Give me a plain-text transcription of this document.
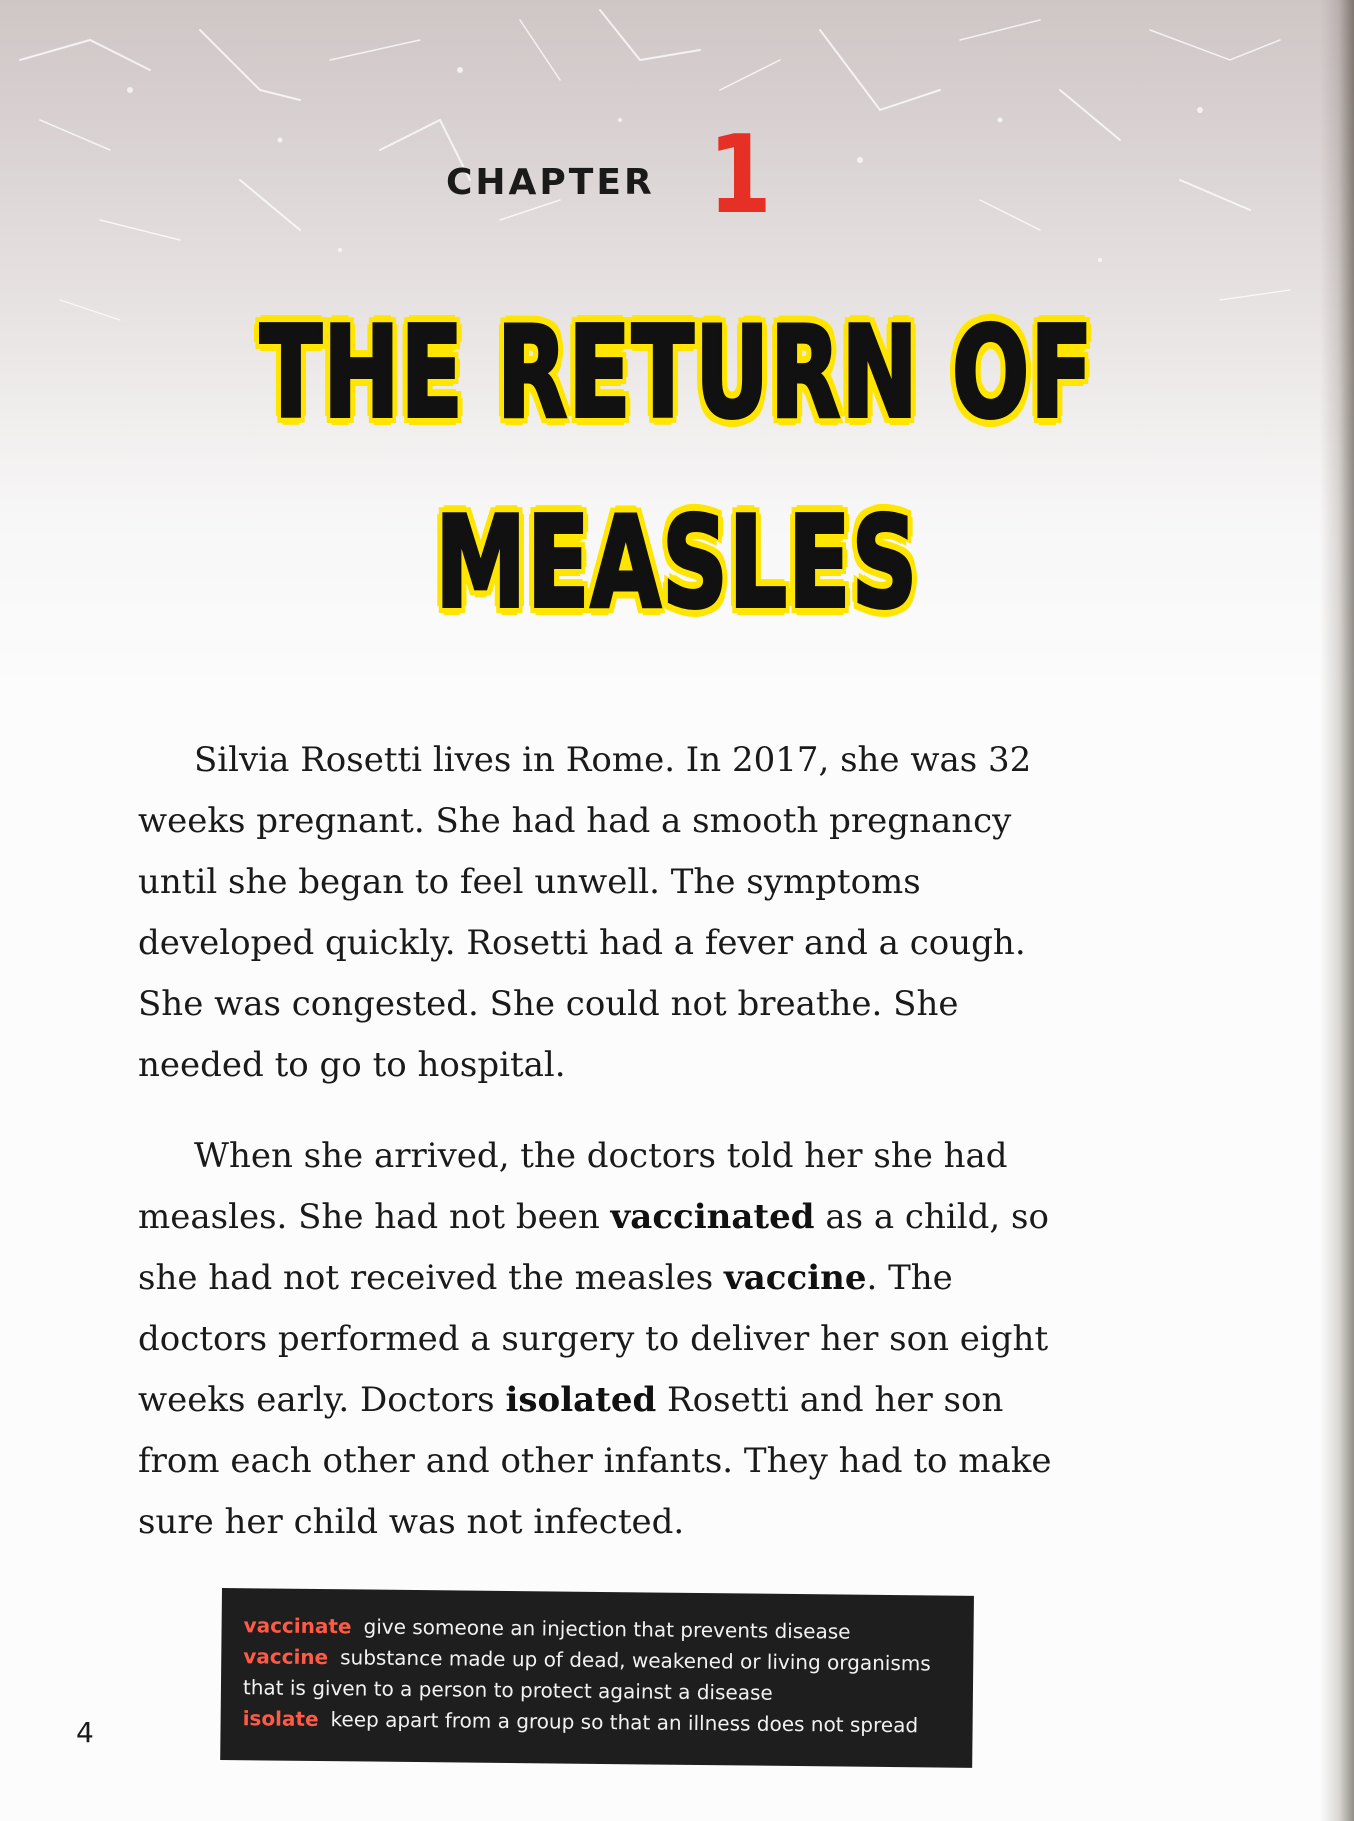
CHAPTER 1
THE RETURN OF
MEASLES

Silvia Rosetti lives in Rome. In 2017, she was 32 weeks pregnant. She had had a smooth pregnancy until she began to feel unwell. The symptoms developed quickly. Rosetti had a fever and a cough. She was congested. She could not breathe. She needed to go to hospital.

When she arrived, the doctors told her she had measles. She had not been vaccinated as a child, so she had not received the measles vaccine. The doctors performed a surgery to deliver her son eight weeks early. Doctors isolated Rosetti and her son from each other and other infants. They had to make sure her child was not infected.

vaccinate give someone an injection that prevents disease
vaccine substance made up of dead, weakened or living organisms
that is given to a person to protect against a disease
isolate keep apart from a group so that an illness does not spread
4
